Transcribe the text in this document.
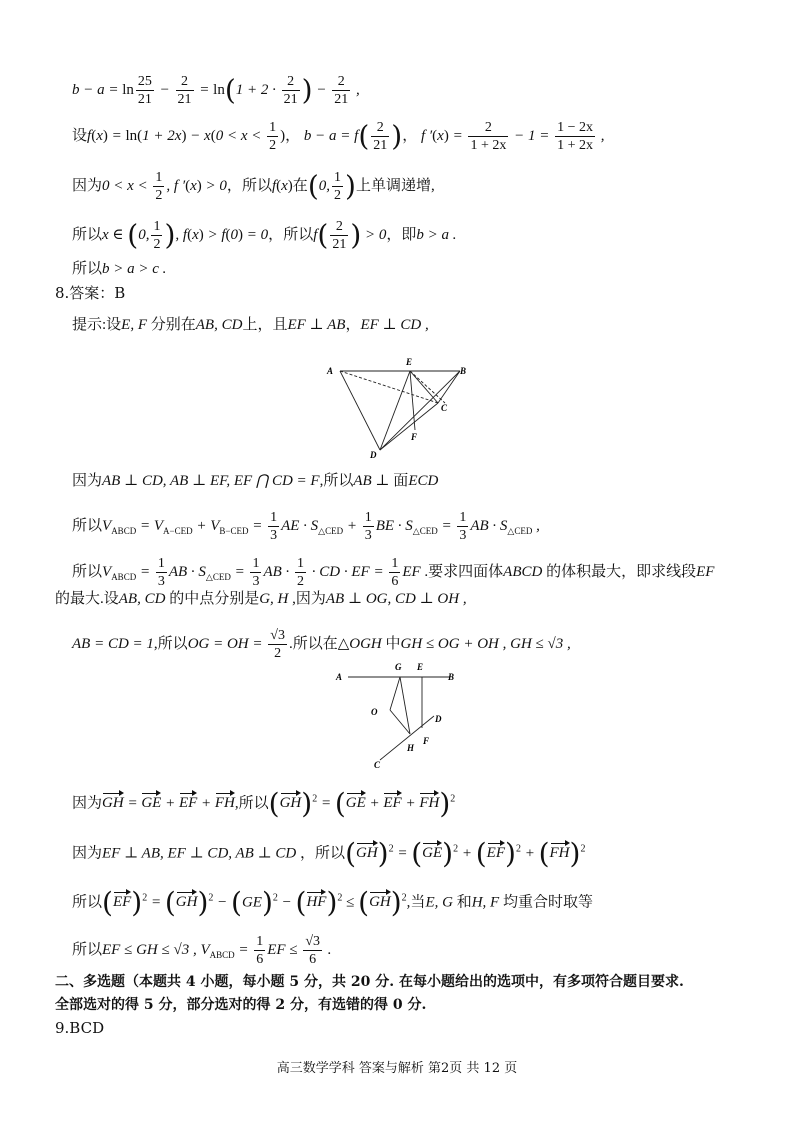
$b - a = \ln \frac{25}{21} - \frac{2}{21} = \ln(1 + 2 \cdot \frac{2}{21}$ ) − $\frac{2}{21}$ ,
设$f(x) = \ln(1 + 2x) - x(0 < x < \frac{1}{2}$ )， $b - a = f( \frac{2}{21}$ )， f $'(x) = \frac{2}{1 + 2x} - 1 = \frac{1 - 2x}{1 + 2x}$ ,
因为$0 < x < \frac{1}{2}$ , f ′(x) > 0，所以f(x)在(0, $\frac{1}{2}$ )上单调递增,
所以x ∈ (0, $\frac{1}{2}$ ), f(x) > f(0) = 0，所以$f( \frac{2}{21}$ ) > 0，即b > a .
所以b > a > c .
8.答案：B
提示:设E, F 分别在AB, CD上，且EF ⊥ AB，EF ⊥ CD ,
A
E
B
C
F
D
因为AB ⊥ CD, AB ⊥ EF, EF ⋂ CD = F,所以AB ⊥ 面ECD
所以$V_{ABCD} = V_{A-CED} + V_{B-CED} = \frac{1}{3}$ AE · $S_{\triangle CED} + \frac{1}{3}$ BE · $S_{\triangle CED} = \frac{1}{3}$ AB · $S_{\triangle CED}$ ,
所以$V_{ABCD} = \frac{1}{3}$ AB · $S_{\triangle CED} = \frac{1}{3}$ AB · $\frac{1}{2}$ · CD · EF = $\frac{1}{6}$ EF .要求四面体ABCD 的体积最大，即求线段EF
的最大.设AB, CD 的中点分别是G, H ,因为AB ⊥ OG, CD ⊥ OH ,
AB = CD = 1,所以OG = OH = $\frac{√3}{2}$ .所以在△OGH 中GH ≤ OG + OH , GH ≤ √3 ,
A
G E
B
O
D
F
H
C
因为GH = GE + EF + FH,所以(GH)$^2$ = (GE + EF + FH)$^2$
因为EF ⊥ AB, EF ⊥ CD, AB ⊥ CD ，所以(GH)$^2$ = (GE)$^2$ + (EF)$^2$ + (FH)$^2$
所以(EF)$^2$ = (GH)$^2$ − (GE)$^2$ − (HF)$^2$ ≤ (GH)$^2$,当E, G 和H, F 均重合时取等
所以EF ≤ GH ≤ √3 , $V_{ABCD} = \frac{1}{6}$ EF ≤ $\frac{√3}{6}$ .
二、多选题（本题共 4 小题，每小题 5 分，共 20 分. 在每小题给出的选项中，有多项符合题目要求.
全部选对的得 5 分，部分选对的得 2 分，有选错的得 0 分.
9.BCD
高三数学学科 答案与解析 第2页 共 12 页
